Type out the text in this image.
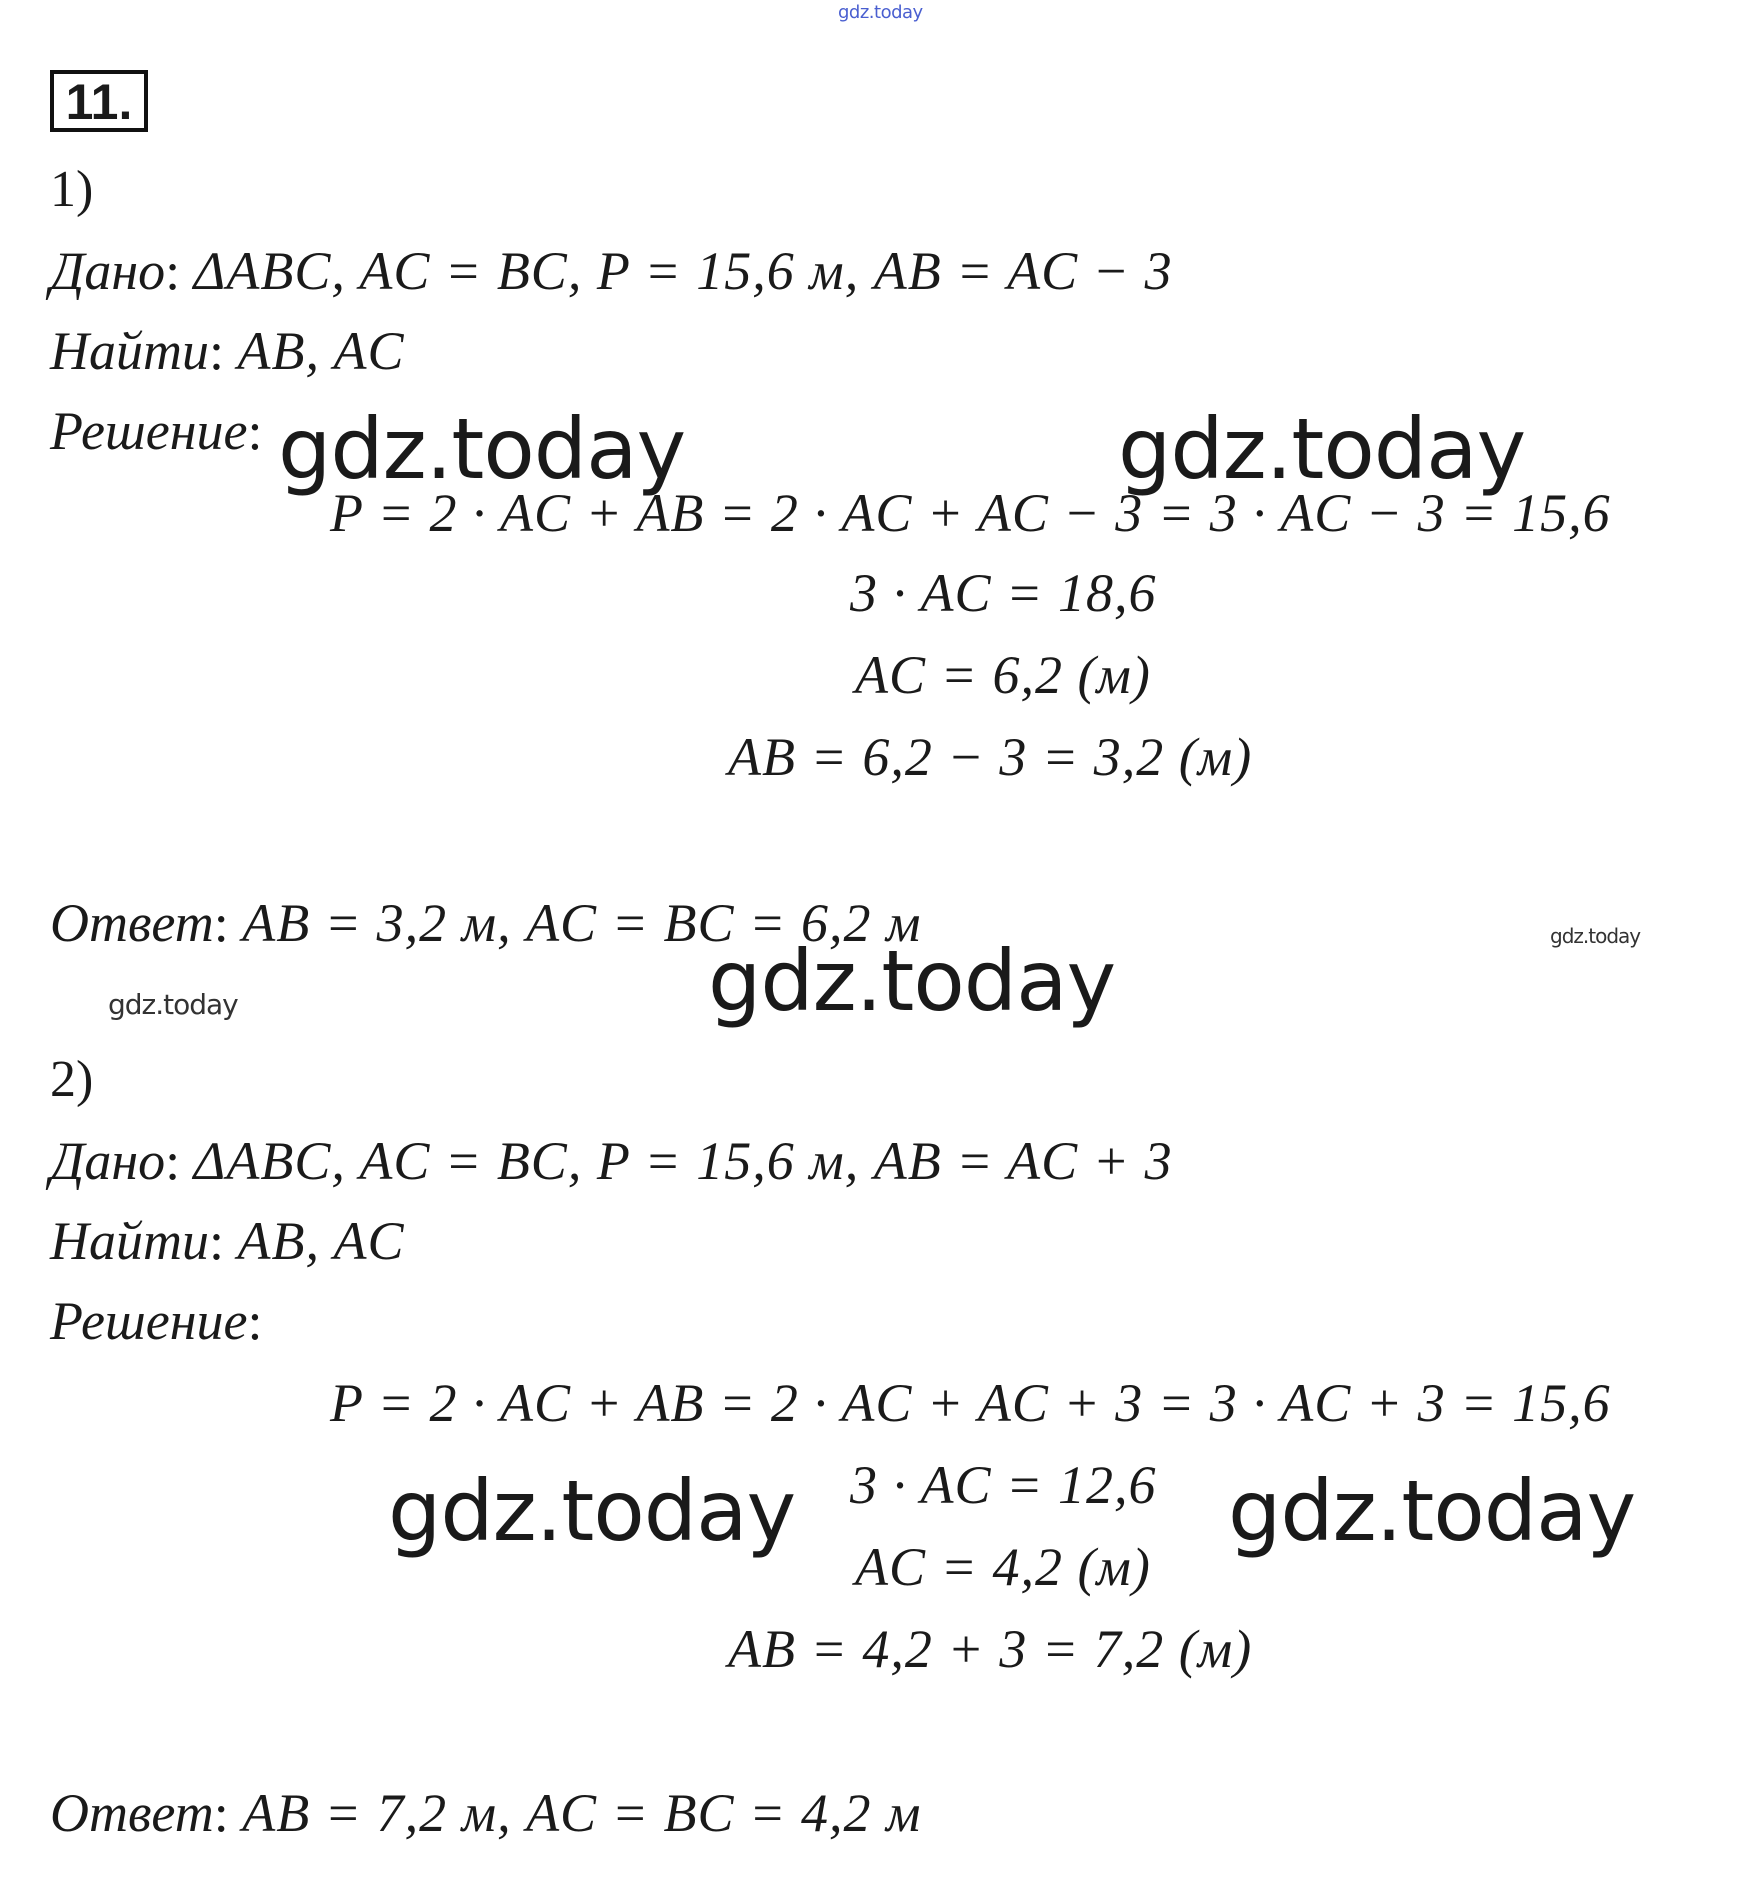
gdz.today
11.
1)
Дано: ΔABC, AC = BC, P = 15,6 м, AB = AC − 3
Найти: AB, AC
Решение:
P = 2 · AC + AB = 2 · AC + AC − 3 = 3 · AC − 3 = 15,6
3 · AC = 18,6
AC = 6,2 (м)
AB = 6,2 − 3 = 3,2 (м)
Ответ: AB = 3,2 м, AC = BC = 6,2 м
2)
Дано: ΔABC, AC = BC, P = 15,6 м, AB = AC + 3
Найти: AB, AC
Решение:
P = 2 · AC + AB = 2 · AC + AC + 3 = 3 · AC + 3 = 15,6
3 · AC = 12,6
AC = 4,2 (м)
AB = 4,2 + 3 = 7,2 (м)
Ответ: AB = 7,2 м, AC = BC = 4,2 м
gdz.today	gdz.today
gdz.today
gdz.today	gdz.today
gdz.today
gdz.today
